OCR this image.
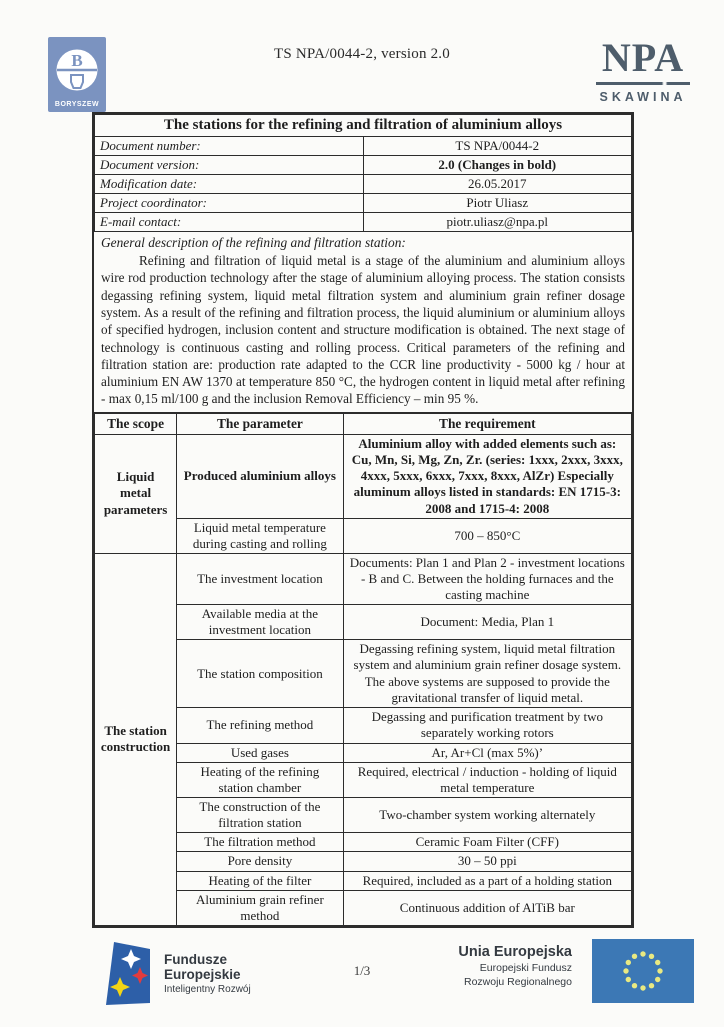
B
BORYSZEW
TS NPA/0044-2, version 2.0	NPA
SKAWINA
The stations for the refining and filtration of aluminium alloys	
Document number:	TS NPA/0044-2
Document version:	2.0 (Changes in bold)
Modification date:	26.05.2017
Project coordinator:	Piotr Uliasz
E-mail contact:	piotr.uliasz@npa.pl
General description of the refining and filtration station:

Refining and filtration of liquid metal is a stage of the aluminium and aluminium alloys wire rod production technology after the stage of aluminium alloying process. The station consists degassing refining system, liquid metal filtration system and aluminium grain refiner dosage system. As a result of the refining and filtration process, the liquid aluminium or aluminium alloys of specified hydrogen, inclusion content and structure modification is obtained. The next stage of technology is continuous casting and rolling process. Critical parameters of the refining and filtration station are: production rate adapted to the CCR line productivity - 5000 kg / hour at aluminium EN AW 1370 at temperature 850 °C, the hydrogen content in liquid metal after refining - max 0,15 ml/100 g and the inclusion Removal Efficiency – min 95 %.

The scope	The parameter	The requirement
Liquid metal parameters	Produced aluminium alloys	Aluminium alloy with added elements such as: Cu, Mn, Si, Mg, Zn, Zr. (series: 1xxx, 2xxx, 3xxx, 4xxx, 5xxx, 6xxx, 7xxx, 8xxx, AlZr) Especially aluminum alloys listed in standards: EN 1715-3: 2008 and 1715-4: 2008
	Liquid metal temperature during casting and rolling	700 – 850°C
The station construction	The investment location	Documents: Plan 1 and Plan 2 - investment locations - B and C. Between the holding furnaces and the casting machine
	Available media at the investment location	Document: Media, Plan 1
	The station composition	Degassing refining system, liquid metal filtration system and aluminium grain refiner dosage system. The above systems are supposed to provide the gravitational transfer of liquid metal.
	The refining method	Degassing and purification treatment by two separately working rotors
	Used gases	Ar, Ar+Cl (max 5%)’
	Heating of the refining station chamber	Required, electrical / induction - holding of liquid metal temperature
	The construction of the filtration station	Two-chamber system working alternately
	The filtration method	Ceramic Foam Filter (CFF)
	Pore density	30 – 50 ppi
	Heating of the filter	Required, included as a part of a holding station
	Aluminium grain refiner method	Continuous addition of AlTiB bar
Fundusze
Europejskie
Inteligentny Rozwój
1/3
Unia Europejska
Europejski Fundusz
Rozwoju Regionalnego
